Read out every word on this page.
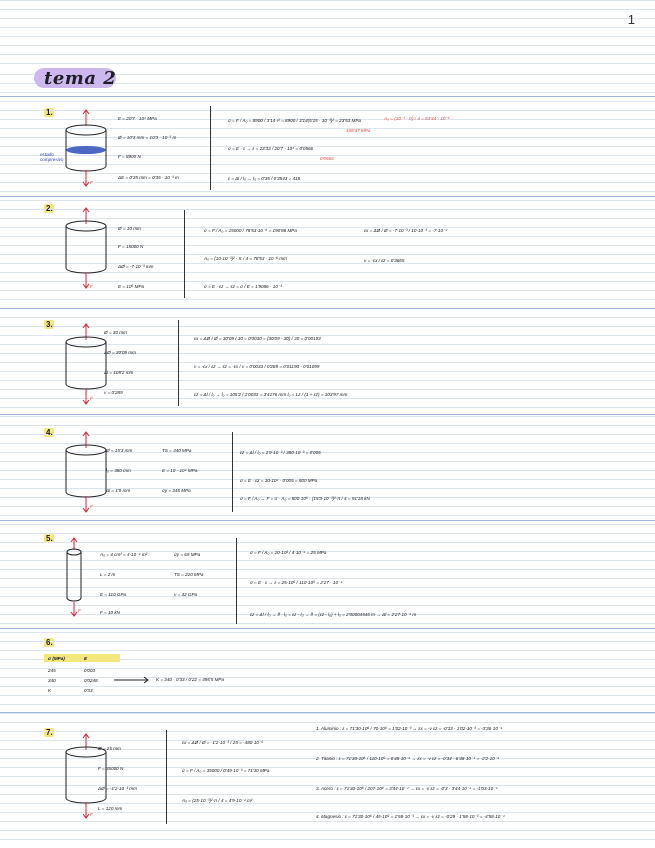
1
tema 2
1.
estado
compresivo
E = 20'7 · 10⁴ MPa
Ø = 10'3 mm = 10'3 · 10⁻³ m
F = 8900 N
ΔE = 0'35 mm = 0'35 · 10⁻³ m
σ = F / A₀ = 8900 / 3'14·r² = 8900 / 3'14(5'15 · 10⁻³)² = 23'53 MPa	A₀ = (10⁻³ · π) / 4 = 83'44 · 10⁻⁶
σ = E · ε → ε = 23'33 / 20'7 · 10⁴ = 0'0566
ε = Δl / l₀ → l₀ = 0'35 / 0'3543 = 415
108'47 MPa
0'0566
2.
Ø = 10 mm
F = 15000 N
ΔØ = -7·10⁻³ mm
E = 10⁵ MPa
σ = F / A₀ = 15000 / 78'53·10⁻⁶ = 190'86 MPa
A₀ = (10·10⁻³)² · π / 4 = 78'53 · 10⁻⁶ mm
σ = E · εz → εz = σ / E = 1'9086 · 10⁻³
εx = ΔØ / Ø = -7·10⁻³ / 10·10⁻³ = -7·10⁻⁴
ν = -εx / εz = 0'3665
3.
Ø = 30 mm
ΔØ = 30'09 mm
Δl = 105'2 mm
ν = 0'289
εx = ΔØ / Ø = 30'09 / 30 = 0'0030 = (30'09 - 30) / 30 = 0'00193
ν = -εx / εz → εz = -εx / ν = 0'0033 / 0'289 = 0'01190 · 0'01099
εz = Δl / l₀ → l₀ = 105'2 / 1'0033 = 3'4176 mm l₀ = Lz / (1 + εz) = 103'97 mm
4.
Ø = 15'3 mm
l₀ = 380 mm
Δl = 1'9 mm
TS = 340 MPa
E = 10 · 10⁴ MPa
σy = 345 MPa
εz = Δl / l₀ = 1'9·10⁻³ / 380·10⁻³ = 0'005
σ = E · εz = 10·10⁴ · 0'005 = 500 MPa
σ = F / A₀ → F = σ · A₀ = 500·10⁶ · (15'3·10⁻³)²·π / 4 = 91'18 kN
5.
A₀ = 4 cm² = 4·10⁻⁴ m²
L = 2 m
E = 110 GPa
F = 10 kN
σy = 69 MPa
TS = 220 MPa
ν = 42 GPa
σ = F / A₀ = 10·10³ / 4·10⁻⁴ = 25 MPa
σ = E · ε → ε = 25·10⁶ / 110·10⁹ = 2'27 · 10⁻⁴
εz = Δl / l₀ → lf - l₀ = εz · l₀ → lf = (εz · l₀) + l₀ = 2'00004546 m → Δl = 2'27·10⁻⁴ m
6.
σ (MPa)	E
245	0'003
340	0'0248
K	0'33
K = 340 · 0'33 / 0'22 = 495'5 MPa
7.
Ø = 25 mm
F = 35000 N
ΔØ = -1'2·10⁻³ mm
L = 120 mm
εx = ΔØ / Ø = -1'2·10⁻³ / 25 = -480·10⁻⁶
σ = F / A₀ = 35000 / 0'49·10⁻³ = 71'30 MPa
A₀ = (25·10⁻³)²·π / 4 = 4'9·10⁻⁴ m²
1. Aluminio : ε = 71'30·10⁶ / 70·10⁹ = 1'02·10⁻³ → εx = -ν εz = -0'33 · 1'02·10⁻³ = -3'36·10⁻⁴
2. Titanio : ε = 71'30·10⁶ / 110·10⁹ = 6'48·10⁻⁴ → εx = -ν εz = -0'34 · 6'48·10⁻⁴ = -2'2·10⁻⁴
3. Acero : ε = 71'30·10⁶ / 207·10⁹ = 3'44·10⁻⁴ → εx = -ν εz = -0'3 · 3'44·10⁻⁴ = -1'03·10⁻⁴
4. Magnesio : ε = 71'30·10⁶ / 45·10⁹ = 1'58·10⁻³ → εx = -ν εz = -0'29 · 1'58·10⁻³ = -4'58·10⁻⁴
F
F
F
F
F
F
